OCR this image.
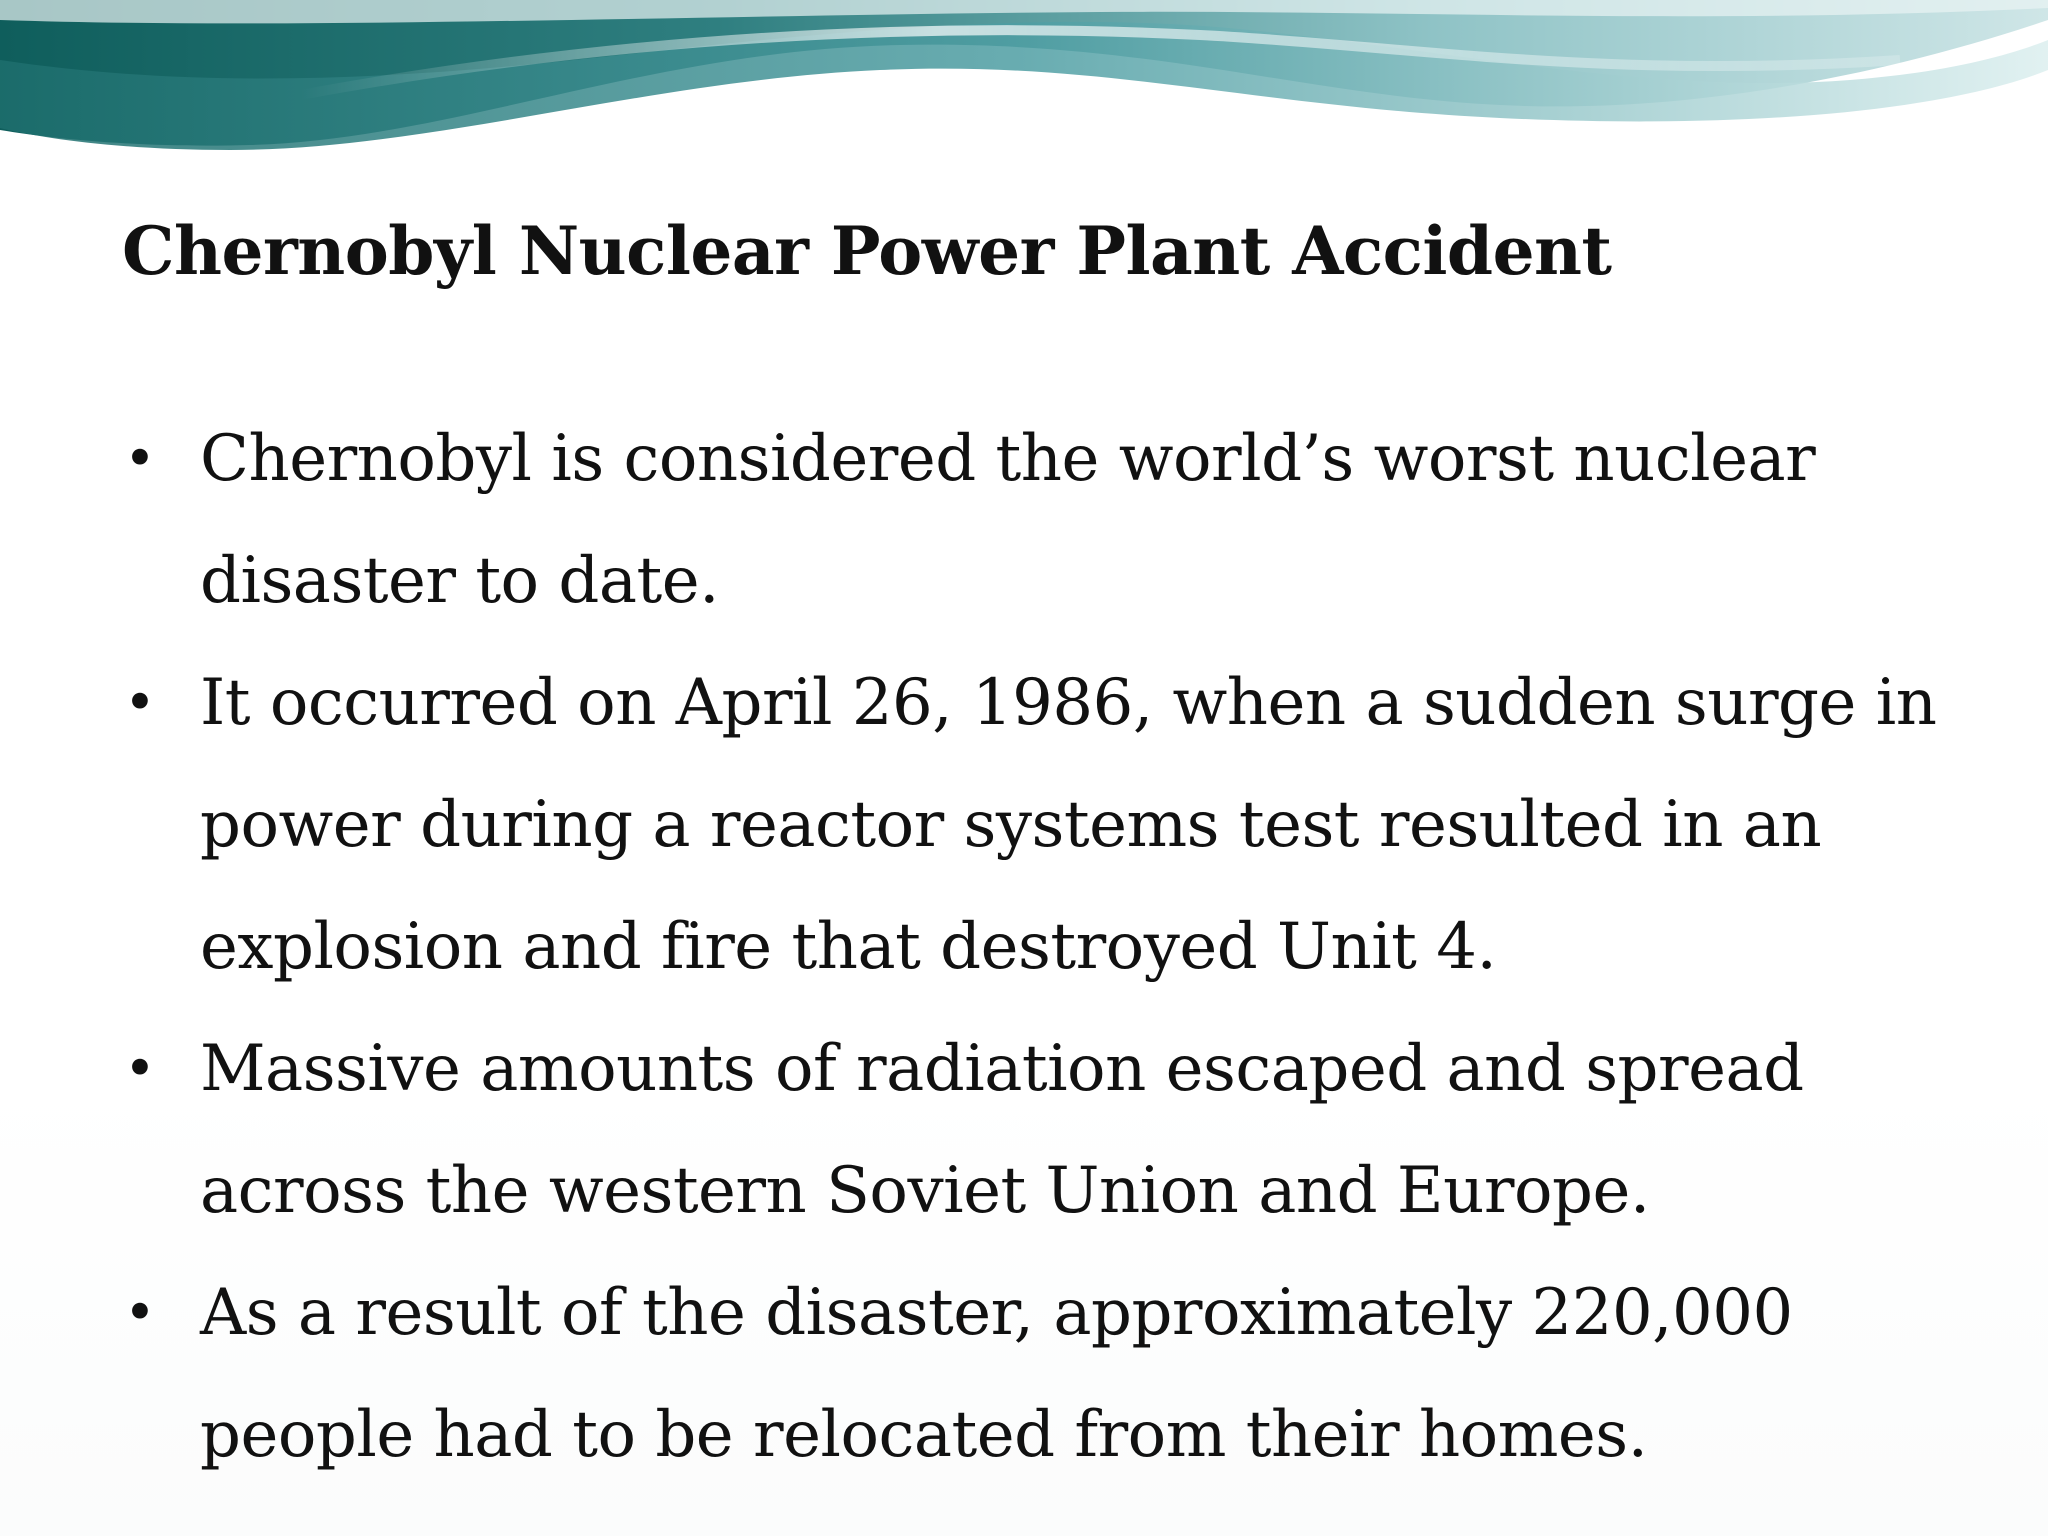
Chernobyl Nuclear Power Plant Accident
• Chernobyl is considered the world’s worst nuclear disaster to date.
• It occurred on April 26, 1986, when a sudden surge in power during a reactor systems test resulted in an explosion and fire that destroyed Unit 4.
• Massive amounts of radiation escaped and spread across the western Soviet Union and Europe.
• As a result of the disaster, approximately 220,000 people had to be relocated from their homes.
